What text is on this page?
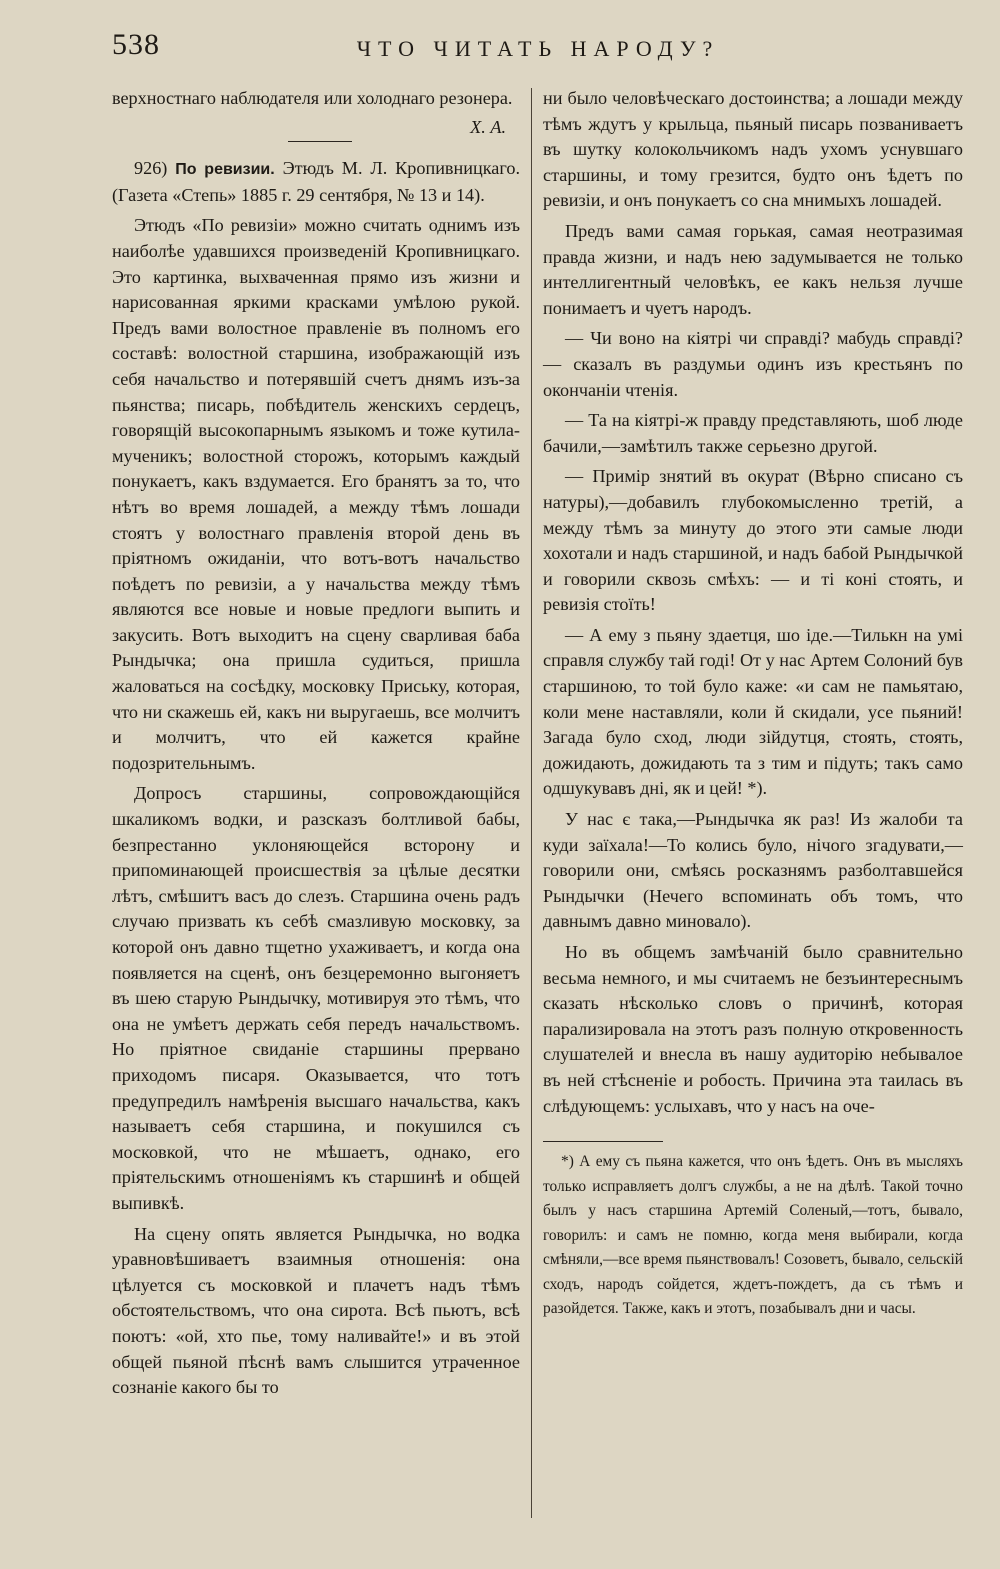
538	ЧТО ЧИТАТЬ НАРОДУ?

верхностнаго наблюдателя или холоднаго резонера.

Х. А.

926) По ревизии. Этюдъ М. Л. Кропивницкаго. (Газета «Степь» 1885 г. 29 сентября, № 13 и 14).

Этюдъ «По ревизіи» можно считать однимъ изъ наиболѣе удавшихся произведеній Кропивницкаго. Это картинка, выхваченная прямо изъ жизни и нарисованная яркими красками умѣлою рукой. Предъ вами волостное правленіе въ полномъ его составѣ: волостной старшина, изображающій изъ себя начальство и потерявшій счетъ днямъ изъ-за пьянства; писарь, побѣдитель женскихъ сердецъ, говорящій высокопарнымъ языкомъ и тоже кутила-мученикъ; волостной сторожъ, которымъ каждый понукаетъ, какъ вздумается. Его бранятъ за то, что нѣтъ во время лошадей, а между тѣмъ лошади стоятъ у волостнаго правленія второй день въ пріятномъ ожиданіи, что вотъ-вотъ начальство поѣдетъ по ревизіи, а у начальства между тѣмъ являются все новые и новые предлоги выпить и закусить. Вотъ выходитъ на сцену сварливая баба Рындычка; она пришла судиться, пришла жаловаться на сосѣдку, московку Приську, которая, что ни скажешь ей, какъ ни выругаешь, все молчитъ и молчитъ, что ей кажется крайне подозрительнымъ.

Допросъ старшины, сопровождающійся шкаликомъ водки, и разсказъ болтливой бабы, безпрестанно уклоняющейся всторону и припоминающей происшествія за цѣлые десятки лѣтъ, смѣшитъ васъ до слезъ. Старшина очень радъ случаю призвать къ себѣ смазливую московку, за которой онъ давно тщетно ухаживаетъ, и когда она появляется на сценѣ, онъ безцеремонно выгоняетъ въ шею старую Рындычку, мотивируя это тѣмъ, что она не умѣетъ держать себя передъ начальствомъ. Но пріятное свиданіе старшины прервано приходомъ писаря. Оказывается, что тотъ предупредилъ намѣренія высшаго начальства, какъ называетъ себя старшина, и покушился съ московкой, что не мѣшаетъ, однако, его пріятельскимъ отношеніямъ къ старшинѣ и общей выпивкѣ.

На сцену опять является Рындычка, но водка уравновѣшиваетъ взаимныя отношенія: она цѣлуется съ московкой и плачетъ надъ тѣмъ обстоятельствомъ, что она сирота. Всѣ пьютъ, всѣ поютъ: «ой, хто пье, тому наливайте!» и въ этой общей пьяной пѣснѣ вамъ слышится утраченное сознаніе какого бы то

ни было человѣческаго достоинства; а лошади между тѣмъ ждутъ у крыльца, пьяный писарь позваниваетъ въ шутку колокольчикомъ надъ ухомъ уснувшаго старшины, и тому грезится, будто онъ ѣдетъ по ревизіи, и онъ понукаетъ со сна мнимыхъ лошадей.

Предъ вами самая горькая, самая неотразимая правда жизни, и надъ нею задумывается не только интеллигентный человѣкъ, ее какъ нельзя лучше понимаетъ и чуетъ народъ.

— Чи воно на кіятрі чи справді? мабудь справді? — сказалъ въ раздумьи одинъ изъ крестьянъ по окончаніи чтенія.

— Та на кіятрі-ж правду представляють, шоб люде бачили,—замѣтилъ также серьезно другой.

— Примір знятий въ окурат (Вѣрно списано съ натуры),—добавилъ глубокомысленно третій, а между тѣмъ за минуту до этого эти самые люди хохотали и надъ старшиной, и надъ бабой Рындычкой и говорили сквозь смѣхъ: — и ті коні стоять, и ревизія стоїть!

— А ему з пьяну здаетця, шо іде.—Тилькн на умі справля службу тай годі! От у нас Артем Солоний був старшиною, то той було каже: «и сам не памьятаю, коли мене наставляли, коли й скидали, усе пьяний! Загада було сход, люди зійдутця, стоять, стоять, дожидають, дожидають та з тим и підуть; такъ само одшукувавъ дні, як и цей! *).

У нас є така,—Рындычка як раз! Из жалоби та куди заїхала!—То колись було, нічого згадувати,—говорили они, смѣясь росказнямъ разболтавшейся Рындычки (Нечего вспоминать объ томъ, что давнымъ давно миновало).

Но въ общемъ замѣчаній было сравнительно весьма немного, и мы считаемъ не безъинтереснымъ сказать нѣсколько словъ о причинѣ, которая парализировала на этотъ разъ полную откровенность слушателей и внесла въ нашу аудиторію небывалое въ ней стѣсненіе и робость. Причина эта таилась въ слѣдующемъ: услыхавъ, что у насъ на оче-

*) А ему съ пьяна кажется, что онъ ѣдетъ. Онъ въ мысляхъ только исправляетъ долгъ службы, а не на дѣлѣ. Такой точно былъ у насъ старшина Артемій Соленый,—тотъ, бывало, говорилъ: и самъ не помню, когда меня выбирали, когда смѣняли,—все время пьянствовалъ! Созоветъ, бывало, сельскій сходъ, народъ сойдется, ждетъ-пождетъ, да съ тѣмъ и разойдется. Также, какъ и этотъ, позабывалъ дни и часы.
